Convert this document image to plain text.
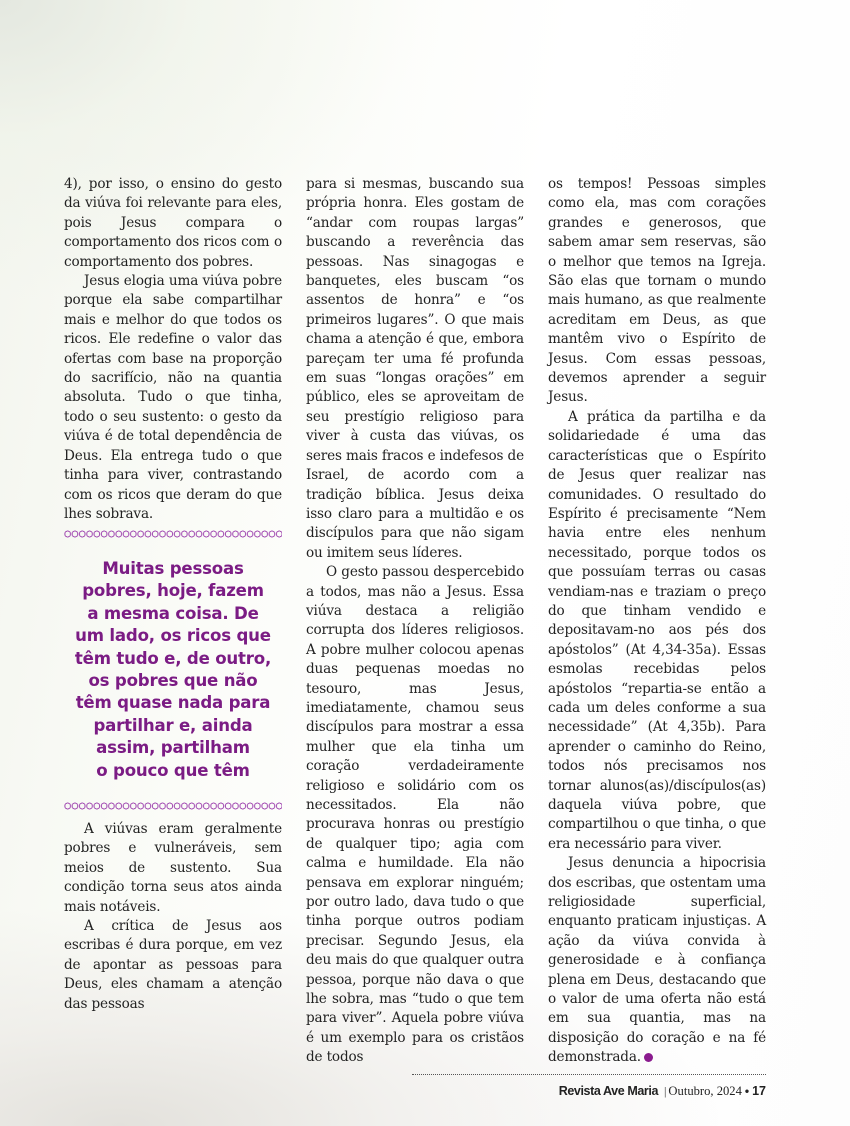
4), por isso, o ensino do gesto da viúva foi relevante para eles, pois Jesus compara o comportamento dos ricos com o comportamento dos pobres.

Jesus elogia uma viúva pobre porque ela sabe compartilhar mais e melhor do que todos os ricos. Ele redefine o valor das ofertas com base na proporção do sacrifício, não na quantia absoluta. Tudo o que tinha, todo o seu sustento: o gesto da viúva é de total dependência de Deus. Ela entrega tudo o que tinha para viver, contrastando com os ricos que deram do que lhes sobrava.

Muitas pessoas
pobres, hoje, fazem
a mesma coisa. De
um lado, os ricos que
têm tudo e, de outro,
os pobres que não
têm quase nada para
partilhar e, ainda
assim, partilham
o pouco que têm

A viúvas eram geralmente pobres e vulneráveis, sem meios de sustento. Sua condição torna seus atos ainda mais notáveis.

A crítica de Jesus aos escribas é dura porque, em vez de apontar as pessoas para Deus, eles chamam a atenção das pessoas

para si mesmas, buscando sua própria honra. Eles gostam de “andar com roupas largas” buscando a reverência das pessoas. Nas sinagogas e banquetes, eles buscam “os assentos de honra” e “os primeiros lugares”. O que mais chama a atenção é que, embora pareçam ter uma fé profunda em suas “longas orações” em público, eles se aproveitam de seu prestígio religioso para viver à custa das viúvas, os seres mais fracos e indefesos de Israel, de acordo com a tradição bíblica. Jesus deixa isso claro para a multidão e os discípulos para que não sigam ou imitem seus líderes.

O gesto passou despercebido a todos, mas não a Jesus. Essa viúva destaca a religião corrupta dos líderes religiosos. A pobre mulher colocou apenas duas pequenas moedas no tesouro, mas Jesus, imediatamente, chamou seus discípulos para mostrar a essa mulher que ela tinha um coração verdadeiramente religioso e solidário com os necessitados. Ela não procurava honras ou prestígio de qualquer tipo; agia com calma e humildade. Ela não pensava em explorar ninguém; por outro lado, dava tudo o que tinha porque outros podiam precisar. Segundo Jesus, ela deu mais do que qualquer outra pessoa, porque não dava o que lhe sobra, mas “tudo o que tem para viver”. Aquela pobre viúva é um exemplo para os cristãos de todos

os tempos! Pessoas simples como ela, mas com corações grandes e generosos, que sabem amar sem reservas, são o melhor que temos na Igreja. São elas que tornam o mundo mais humano, as que realmente acreditam em Deus, as que mantêm vivo o Espírito de Jesus. Com essas pessoas, devemos aprender a seguir Jesus.

A prática da partilha e da solidariedade é uma das características que o Espírito de Jesus quer realizar nas comunidades. O resultado do Espírito é precisamente “Nem havia entre eles nenhum necessitado, porque todos os que possuíam terras ou casas vendiam-nas e traziam o preço do que tinham vendido e depositavam-no aos pés dos apóstolos” (At 4,34-35a). Essas esmolas recebidas pelos apóstolos “repartia-se então a cada um deles conforme a sua necessidade” (At 4,35b). Para aprender o caminho do Reino, todos nós precisamos nos tornar alunos(as)/discípulos(as) daquela viúva pobre, que compartilhou o que tinha, o que era necessário para viver.

Jesus denuncia a hipocrisia dos escribas, que ostentam uma religiosidade superficial, enquanto praticam injustiças. A ação da viúva convida à generosidade e à confiança plena em Deus, destacando que o valor de uma oferta não está em sua quantia, mas na disposição do coração e na fé demonstrada.

Revista Ave Maria | Outubro, 2024 • 17
